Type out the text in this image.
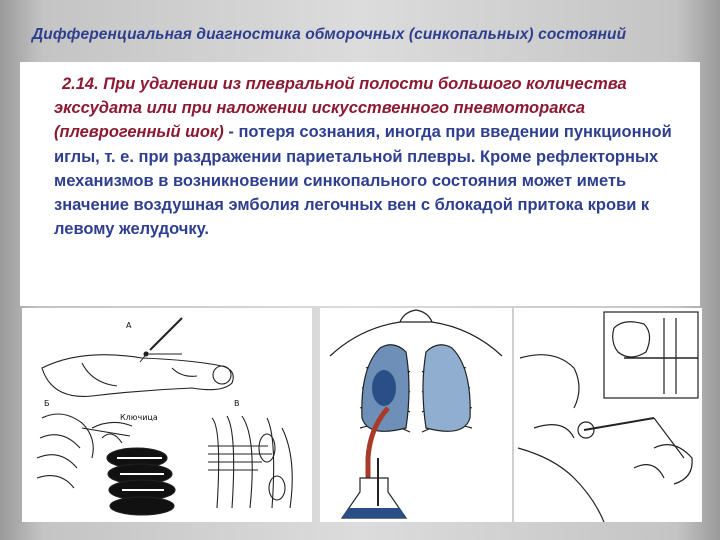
Дифференциальная диагностика обморочных (синкопальных) состояний
2.14. При удалении из плевральной полости большого количества экссудата или при наложении искусственного пневмоторакса (плеврогенный шок) - потеря сознания, иногда при введении пункционной иглы, т. е. при раздражении париетальной плевры. Кроме рефлекторных механизмов в возникновении синкопального состояния может иметь значение воздушная эмболия легочных вен с блокадой притока крови к левому желудочку.
А
Б	В
Ключица
